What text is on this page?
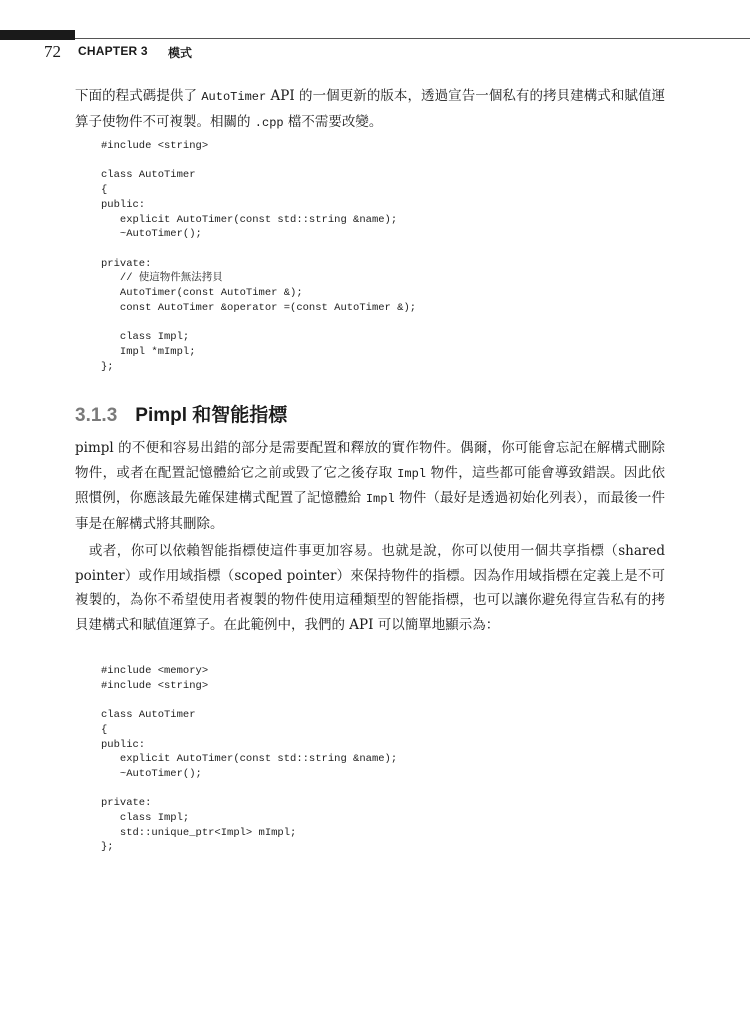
72 CHAPTER 3 模式

下面的程式碼提供了 AutoTimer API 的一個更新的版本，透過宣告一個私有的拷貝建構式和賦值運算子使物件不可複製。相關的 .cpp 檔不需要改變。

#include <string>

class AutoTimer
{
public:
explicit AutoTimer(const std::string &name);
~AutoTimer();

private:
// 使這物件無法拷貝
AutoTimer(const AutoTimer &);
const AutoTimer &operator =(const AutoTimer &);

class Impl;
Impl *mImpl;
};
3.1.3 Pimpl 和智能指標

pimpl 的不便和容易出錯的部分是需要配置和釋放的實作物件。偶爾，你可能會忘記在解構式刪除物件，或者在配置記憶體給它之前或毀了它之後存取 Impl 物件，這些都可能會導致錯誤。因此依照慣例，你應該最先確保建構式配置了記憶體給 Impl 物件（最好是透過初始化列表），而最後一件事是在解構式將其刪除。

　或者，你可以依賴智能指標使這件事更加容易。也就是說，你可以使用一個共享指標（shared pointer）或作用域指標（scoped pointer）來保持物件的指標。因為作用域指標在定義上是不可複製的，為你不希望使用者複製的物件使用這種類型的智能指標，也可以讓你避免得宣告私有的拷貝建構式和賦值運算子。在此範例中，我們的 API 可以簡單地顯示為：

#include <memory>
#include <string>

class AutoTimer
{
public:
explicit AutoTimer(const std::string &name);
~AutoTimer();

private:
class Impl;
std::unique_ptr<Impl> mImpl;
};
